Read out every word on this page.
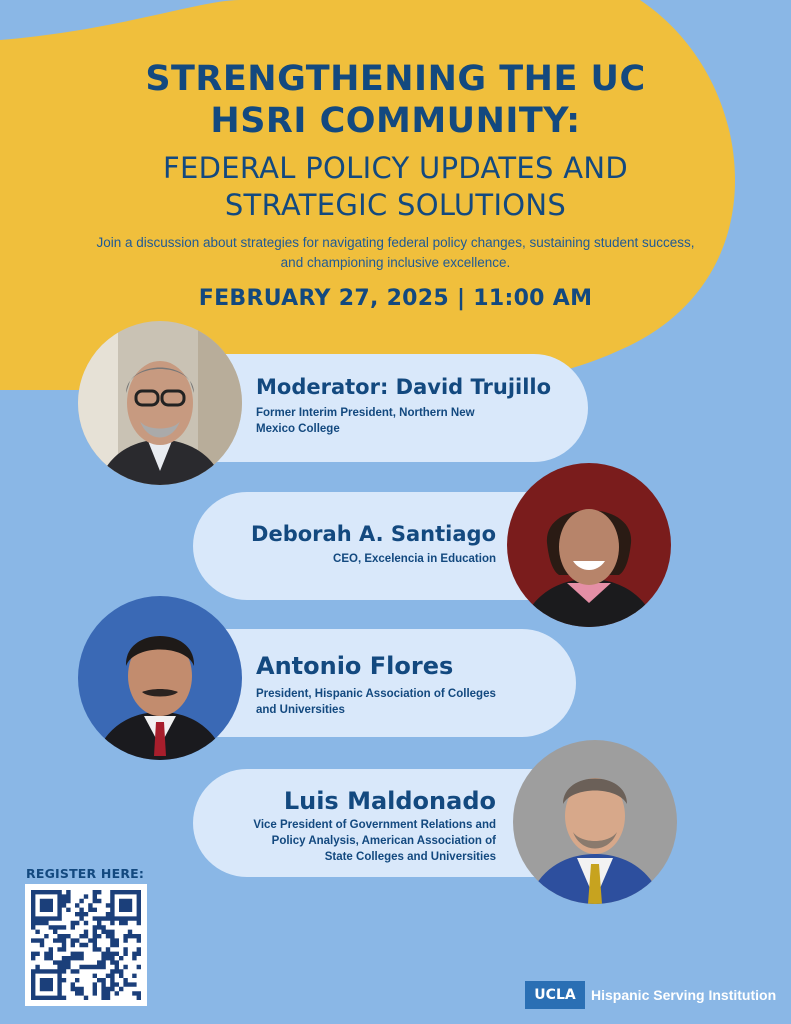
STRENGTHENING THE UC
HSRI COMMUNITY:
FEDERAL POLICY UPDATES AND
STRATEGIC SOLUTIONS
Join a discussion about strategies for navigating federal policy changes, sustaining student success,
and championing inclusive excellence.
FEBRUARY 27, 2025 | 11:00 AM
Moderator: David Trujillo
Former Interim President, Northern New
Mexico College
Deborah A. Santiago
CEO, Excelencia in Education
Antonio Flores
President, Hispanic Association of Colleges
and Universities
Luis Maldonado
Vice President of Government Relations and
Policy Analysis, American Association of
State Colleges and Universities
REGISTER HERE:
UCLA	Hispanic Serving Institution
